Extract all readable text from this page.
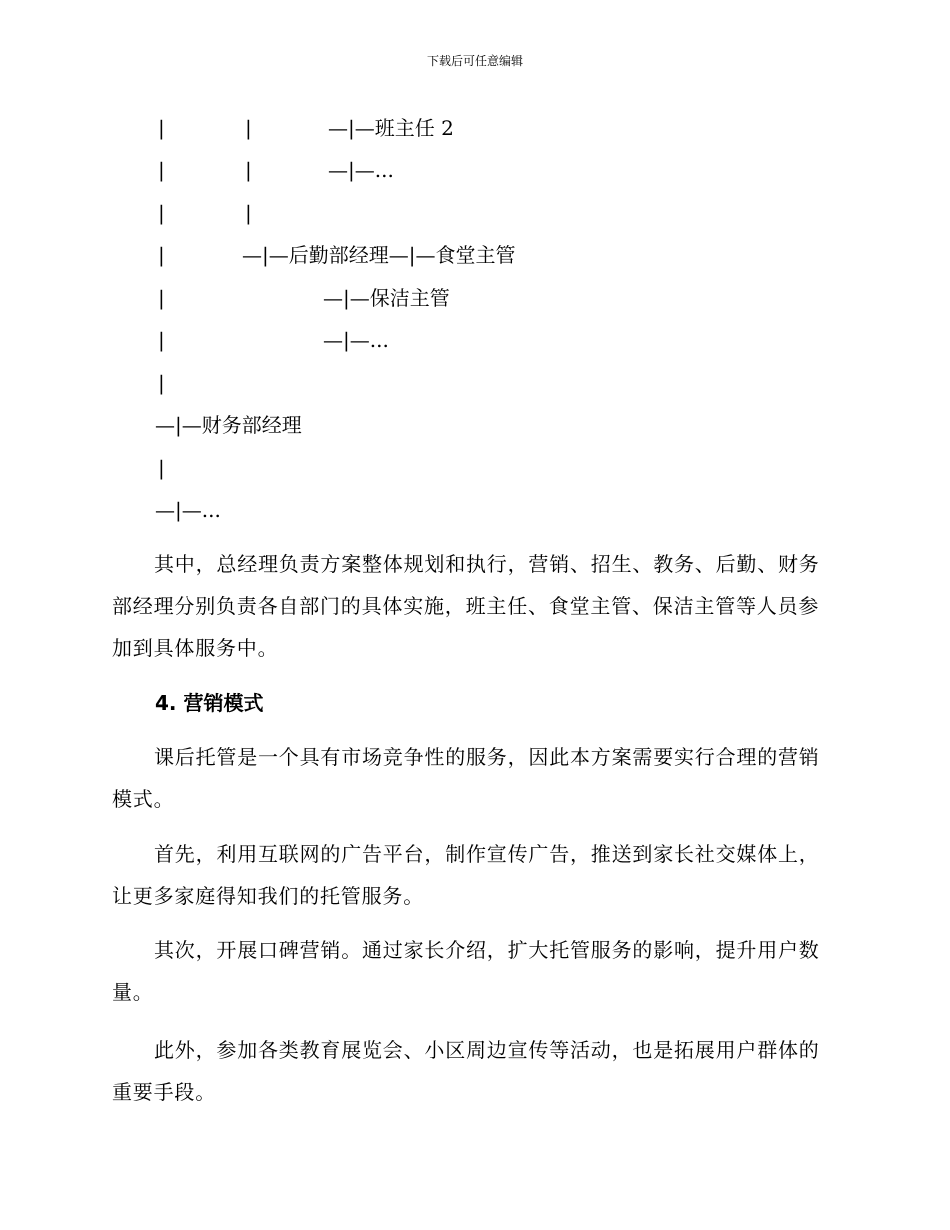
下载后可任意编辑
|	|	—|—班主任 2
|	|	—|—...
|	|
|	—|—后勤部经理—|—食堂主管
|	—|—保洁主管
|	—|—...
|
—|—财务部经理
|
—|—...

其中，总经理负责方案整体规划和执行，营销、招生、教务、后勤、财务部经理分别负责各自部门的具体实施，班主任、食堂主管、保洁主管等人员参加到具体服务中。

4. 营销模式

课后托管是一个具有市场竞争性的服务，因此本方案需要实行合理的营销模式。

首先，利用互联网的广告平台，制作宣传广告，推送到家长社交媒体上，让更多家庭得知我们的托管服务。

其次，开展口碑营销。通过家长介绍，扩大托管服务的影响，提升用户数量。

此外，参加各类教育展览会、小区周边宣传等活动，也是拓展用户群体的重要手段。
